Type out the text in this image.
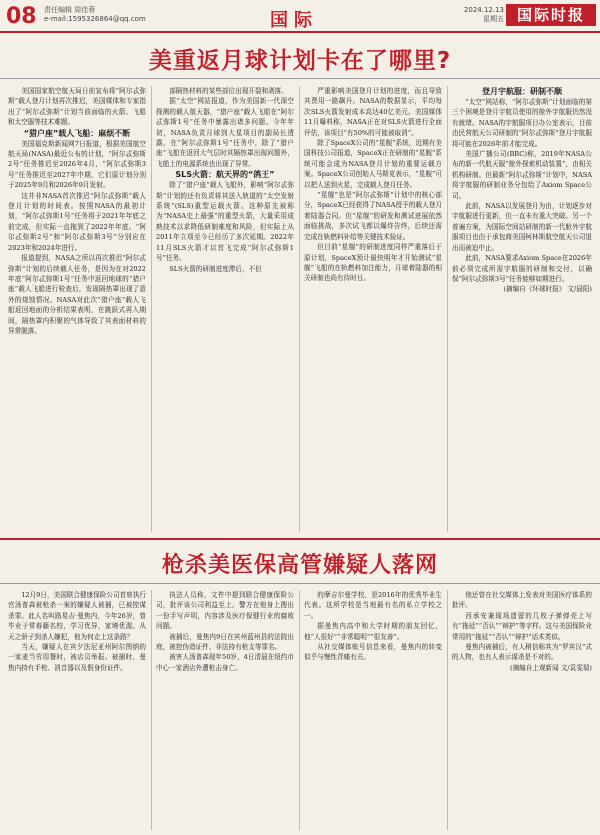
08 责任编辑 周佳蓉
e-mail:1595326864@qq.com	国际	2024.12.13
星期五 国际时报
美重返月球计划卡在了哪里?

美国国家航空航天局日前宣布将“阿尔忒弥斯”载人登月计划再次推迟，美国媒体和专家指出了“阿尔忒弥斯”计划当前面临的火箭、飞船和太空服等技术难题。

“猎户座”载人飞船：麻烦不断

美国福克斯新闻网7日报道，根据美国航空航天局(NASA)最近公布的计划，“阿尔忒弥斯2号”任务推迟至2026年4月，“阿尔忒弥斯3号”任务推迟至2027年中期，它们原计划分别于2025年9月和2026年9月发射。

这并非NASA首次推迟“阿尔忒弥斯”载人登月计划的时间表。按照NASA的最初计划，“阿尔忒弥斯1号”任务将于2021年年底之前完成，但实际一直拖到了2022年年底。“阿尔忒弥斯2号”和“阿尔忒弥斯3号”分别应在2023年和2024年进行。

报道提到，NASA之所以再次推迟“阿尔忒弥斯”计划的后续载人任务，是因为在对2022年底“阿尔忒弥斯1号”任务中返回地球的“猎户座”载人飞船进行检查后，发现隔热罩出现了意外的烧蚀情况。NASA对此次“猎户座”载人飞船返回地面的分析结果表明，在跳跃式再入期间，隔热罩内积聚的气体导致了其表面材料的异常脱落。

部隔热材料的某些部位出现开裂和剥落。

据“太空”网站报道，作为美国新一代深空探测的载人航天器，“猎户座”载人飞船在“阿尔忒弥斯1号”任务中暴露出诸多问题。今年年初，NASA负责月球到大星项目的副局长透露，在“阿尔忒弥斯1号”任务中，除了“猎户座”飞船在返回大气层时其隔热罩出现问题外，飞船上的电源系统也出现了异常。

SLS火箭：航天界的“鸽王”

除了“猎户座”载人飞船外，影响“阿尔忒弥斯”计划的还有负责将其送入轨道的“太空发射系统”(SLS)重型运载火箭。这种原先被称为“NASA史上最强”的重型火箭，大量采用成熟技术以求降低研制难度和风险，但实际上从2011年立项至今已经历了多次延期。2022年11月SLS火箭才以首飞完成“阿尔忒弥斯1号”任务。

SLS火箭的研制进度滞后，不但

严重影响美国登月计划的进度，而且导致其费用一路飙升。NASA的数据显示，平均每次SLS火箭发射成本高达40亿美元。美国媒体11月曝料称，NASA正在对SLS火箭进行全面评估，该项目“有50%的可能被取消”。

除了SpaceX公司的“星舰”系统，近期有美国科技公司报道，SpaceX正在研制的“星舰”系统可能会成为NASA登月计划的重要运载方案。SpaceX公司创始人马斯克表示，“星舰”可以把人送到火星，完成载人登月任务。

“星舰”也是“阿尔忒弥斯”计划中的核心部分，SpaceX已经获得了NASA授予的载人登月着陆器合同。但“星舰”的研发和测试进展依然面临挑战，多次试飞都以爆炸告终，后续还需完成在轨燃料补给等关键技术验证。

但目前“星舰”的研制进度同样严重落后于原计划，SpaceX预计最快明年才开始测试“星舰”飞船的在轨燃料加注能力，月球着陆器的相关研制也尚有待时日。

登月宇航服：研制不顺

“太空”网站称，“阿尔忒弥斯”计划面临的第三个困境是登月宇航员使用的舱外宇航服仍然没有就绪。NASA的宇航服项目办公室表示，目前由民营航天公司研制的“阿尔忒弥斯”登月宇航服将可能在2026年前才能完成。

美国广播公司(BBC)称，2019年NASA公布的新一代航天服“舱外探索机动装置”，由相关机构研制。但最新“阿尔忒弥斯”计划中，NASA将宇航服的研制业务分包给了Axiom Space公司。

此前，NASA以发展登月为由，计划逐步对宇航服进行更新，但一直未有重大突破。另一个普遍方案，为国际空间站研制的新一代舱外宇航服项目也由于承包商美国柯林斯航空航天公司退出而被迫中止。

此前，NASA要求Axiom Space在2026年前必须完成所需宇航服的研制和交付，以确保“阿尔忒弥斯3号”任务能够如期进行。

(摘编自《环球时报》 文/晨阳)

枪杀美医保高管嫌疑人落网

12月9日，美国联合健康保险公司首席执行官汤普森被枪杀一案的嫌疑人被捕，已被控谋杀罪。此人名叫路易吉·曼焦内，今年26岁，曾毕业于常春藤名校，学习优异，家境优渥。从天之骄子到杀人嫌犯，他为何走上这条路？

当天，嫌疑人在宾夕法尼亚州阿尔图纳的一家麦当劳用餐时，被店员举报。被捕时，曼焦内持有手枪、消音器以及假身份证件。

执法人员称，文件中提到联合健康保险公司，批评该公司利益至上。警方在他身上搜出一份手写声明，内容涉及医疗保健行业的腐败问题。

被捕后，曼焦内9日在宾州蓝州县的法院出庭，被控伪造证件、非法持有枪支等罪名。

被害人汤普森现年50岁，4日清晨在纽约市中心一家酒店外遭枪击身亡。

的摩吉尔曼学校，是2016年的优秀毕业生代表。这所学校是当地最有名的私立学校之一。

据曼焦内高中和大学时期的朋友回忆，他“人很好”“非常聪明”“很友善”。

从社交媒体账号信息来看，曼焦内的转变似乎与慢性背痛有关。

他还曾在社交媒体上发表对美国医疗体系的批评。

西承安兼现场遗留的几枚子弹弹壳上写有“拖延”“否认”“辩护”等字样。这与美国保险业常用的“拖延”“否认”“辩护”话术类似。

曼焦内被捕后，有人稍信称其为“罗宾汉”式的人物，也有人表示谋杀是不对的。

(摘编自上观新闻 文/袁雯瑞)
